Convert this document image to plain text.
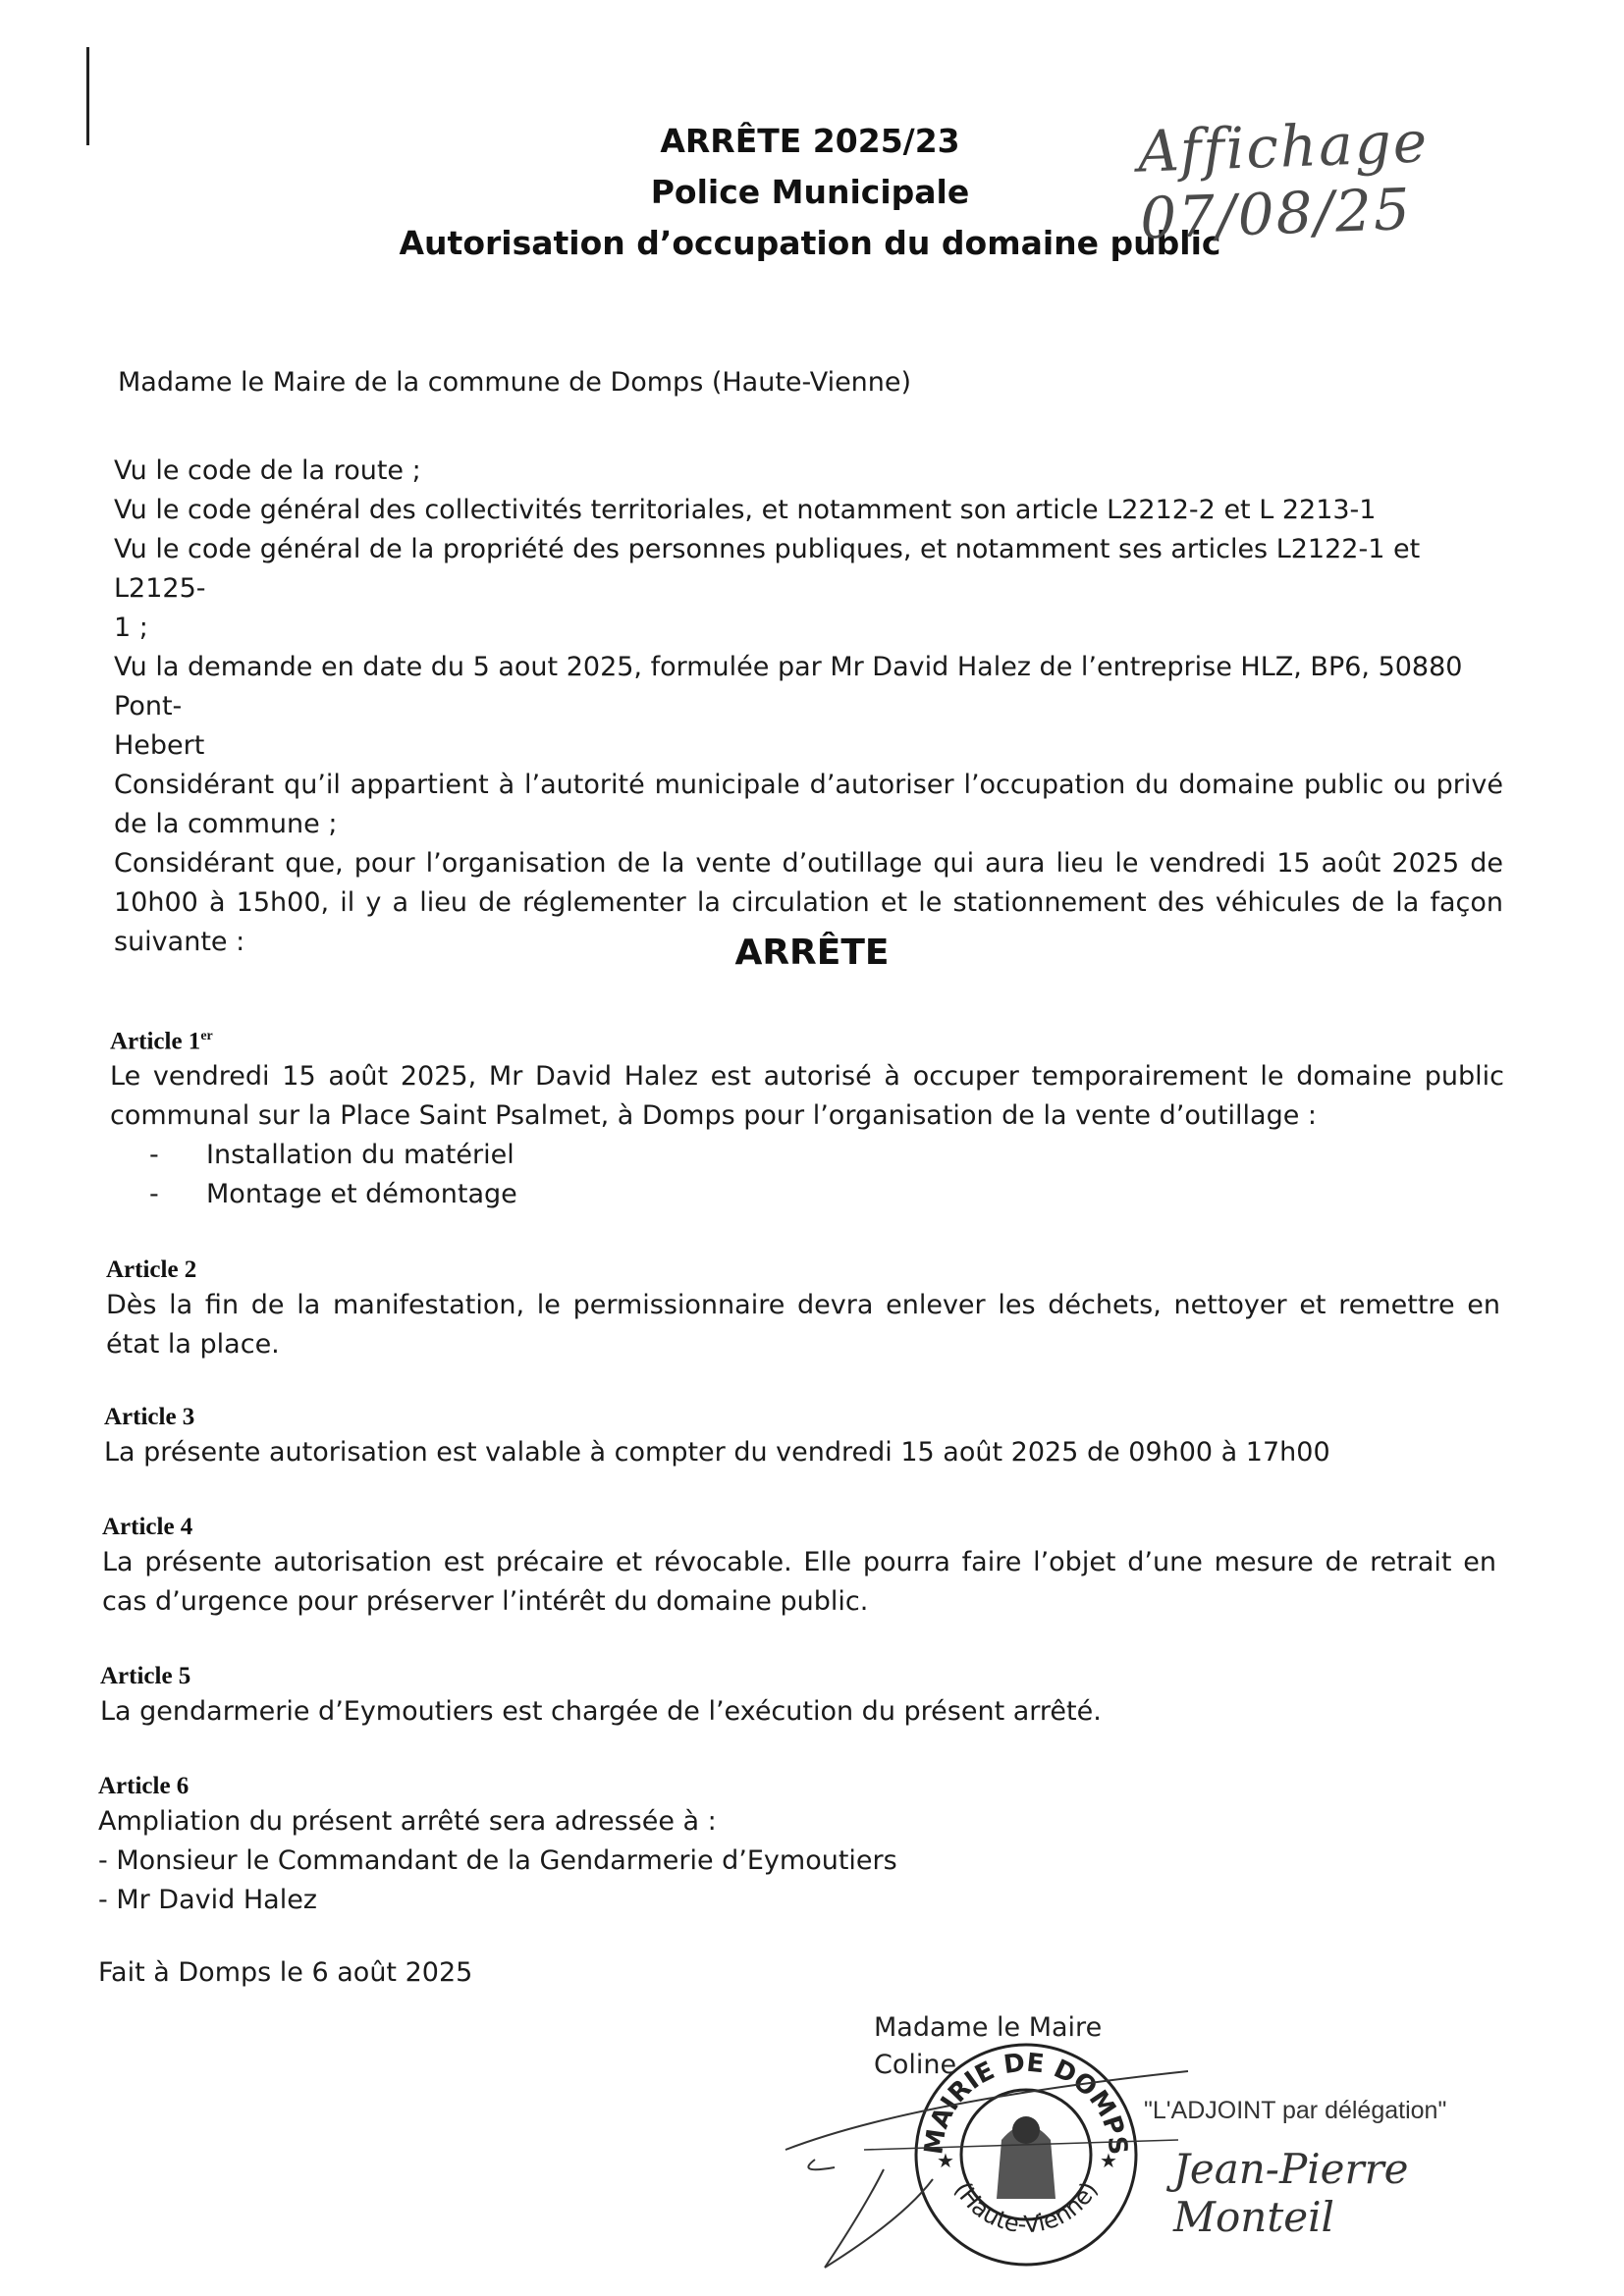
ARRÊTE 2025/23
Police Municipale
Autorisation d’occupation du domaine public
Affichage 07/08/25
Madame le Maire de la commune de Domps (Haute-Vienne)

Vu le code de la route ;

Vu le code général des collectivités territoriales, et notamment son article L2212-2 et L 2213-1

Vu le code général de la propriété des personnes publiques, et notamment ses articles L2122-1 et L2125-

1 ;

Vu la demande en date du 5 aout 2025, formulée par Mr David Halez de l’entreprise HLZ, BP6, 50880 Pont-

Hebert

Considérant qu’il appartient à l’autorité municipale d’autoriser l’occupation du domaine public ou privé de la commune ;

Considérant que, pour l’organisation de la vente d’outillage qui aura lieu le vendredi 15 août 2025 de 10h00 à 15h00, il y a lieu de réglementer la circulation et le stationnement des véhicules de la façon suivante :	ARRÊTE
Article 1er

Le vendredi 15 août 2025, Mr David Halez est autorisé à occuper temporairement le domaine public communal sur la Place Saint Psalmet, à Domps pour l’organisation de la vente d’outillage :

-	Installation du matériel
-	Montage et démontage
Article 2

Dès la fin de la manifestation, le permissionnaire devra enlever les déchets, nettoyer et remettre en état la place.

Article 3

La présente autorisation est valable à compter du vendredi 15 août 2025 de 09h00 à 17h00

Article 4

La présente autorisation est précaire et révocable. Elle pourra faire l’objet d’une mesure de retrait en cas d’urgence pour préserver l’intérêt du domaine public.

Article 5

La gendarmerie d’Eymoutiers est chargée de l’exécution du présent arrêté.

Article 6

Ampliation du présent arrêté sera adressée à :

- Monsieur le Commandant de la Gendarmerie d’Eymoutiers

- Mr David Halez

Fait à Domps le 6 août 2025
Madame le Maire
Coline
MAIRIE DE DOMPS
(Haute-Vienne)
★	★
"L'ADJOINT par délégation"
Jean-Pierre Monteil
